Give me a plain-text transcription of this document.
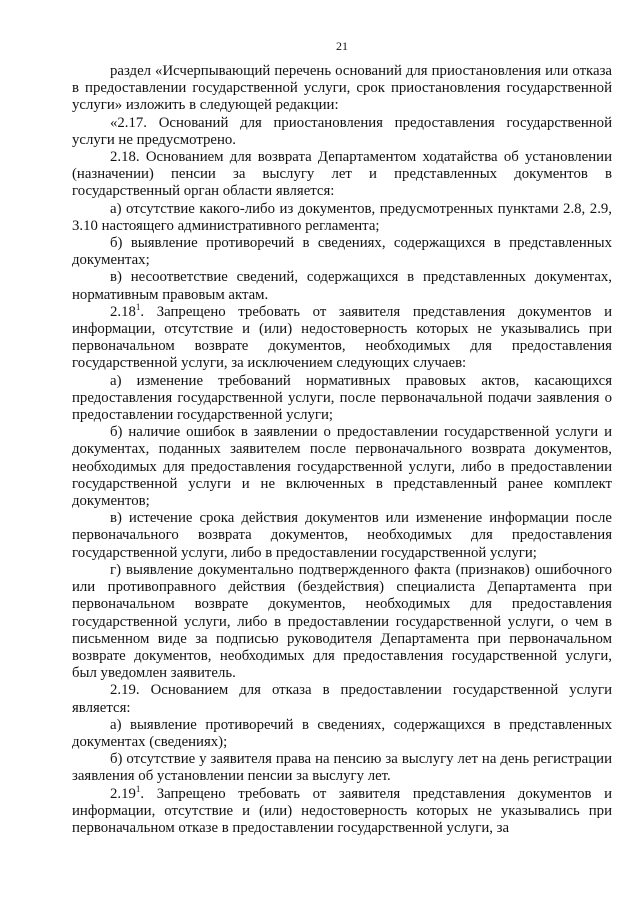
21

раздел «Исчерпывающий перечень оснований для приостановления или отказа в предоставлении государственной услуги, срок приостановления государственной услуги» изложить в следующей редакции:

«2.17. Оснований для приостановления предоставления государственной услуги не предусмотрено.

2.18. Основанием для возврата Департаментом ходатайства об установлении (назначении) пенсии за выслугу лет и представленных документов в государственный орган области является:

а) отсутствие какого-либо из документов, предусмотренных пунктами 2.8, 2.9, 3.10 настоящего административного регламента;

б) выявление противоречий в сведениях, содержащихся в представленных документах;

в) несоответствие сведений, содержащихся в представленных документах, нормативным правовым актам.

2.18$^1$. Запрещено требовать от заявителя представления документов и информации, отсутствие и (или) недостоверность которых не указывались при первоначальном возврате документов, необходимых для предоставления государственной услуги, за исключением следующих случаев:

а) изменение требований нормативных правовых актов, касающихся предоставления государственной услуги, после первоначальной подачи заявления о предоставлении государственной услуги;

б) наличие ошибок в заявлении о предоставлении государственной услуги и документах, поданных заявителем после первоначального возврата документов, необходимых для предоставления государственной услуги, либо в предоставлении государственной услуги и не включенных в представленный ранее комплект документов;

в) истечение срока действия документов или изменение информации после первоначального возврата документов, необходимых для предоставления государственной услуги, либо в предоставлении государственной услуги;

г) выявление документально подтвержденного факта (признаков) ошибочного или противоправного действия (бездействия) специалиста Департамента при первоначальном возврате документов, необходимых для предоставления государственной услуги, либо в предоставлении государственной услуги, о чем в письменном виде за подписью руководителя Департамента при первоначальном возврате документов, необходимых для предоставления государственной услуги, был уведомлен заявитель.

2.19. Основанием для отказа в предоставлении государственной услуги является:

а) выявление противоречий в сведениях, содержащихся в представленных документах (сведениях);

б) отсутствие у заявителя права на пенсию за выслугу лет на день регистрации заявления об установлении пенсии за выслугу лет.

2.19$^1$. Запрещено требовать от заявителя представления документов и информации, отсутствие и (или) недостоверность которых не указывались при первоначальном отказе в предоставлении государственной услуги, за
